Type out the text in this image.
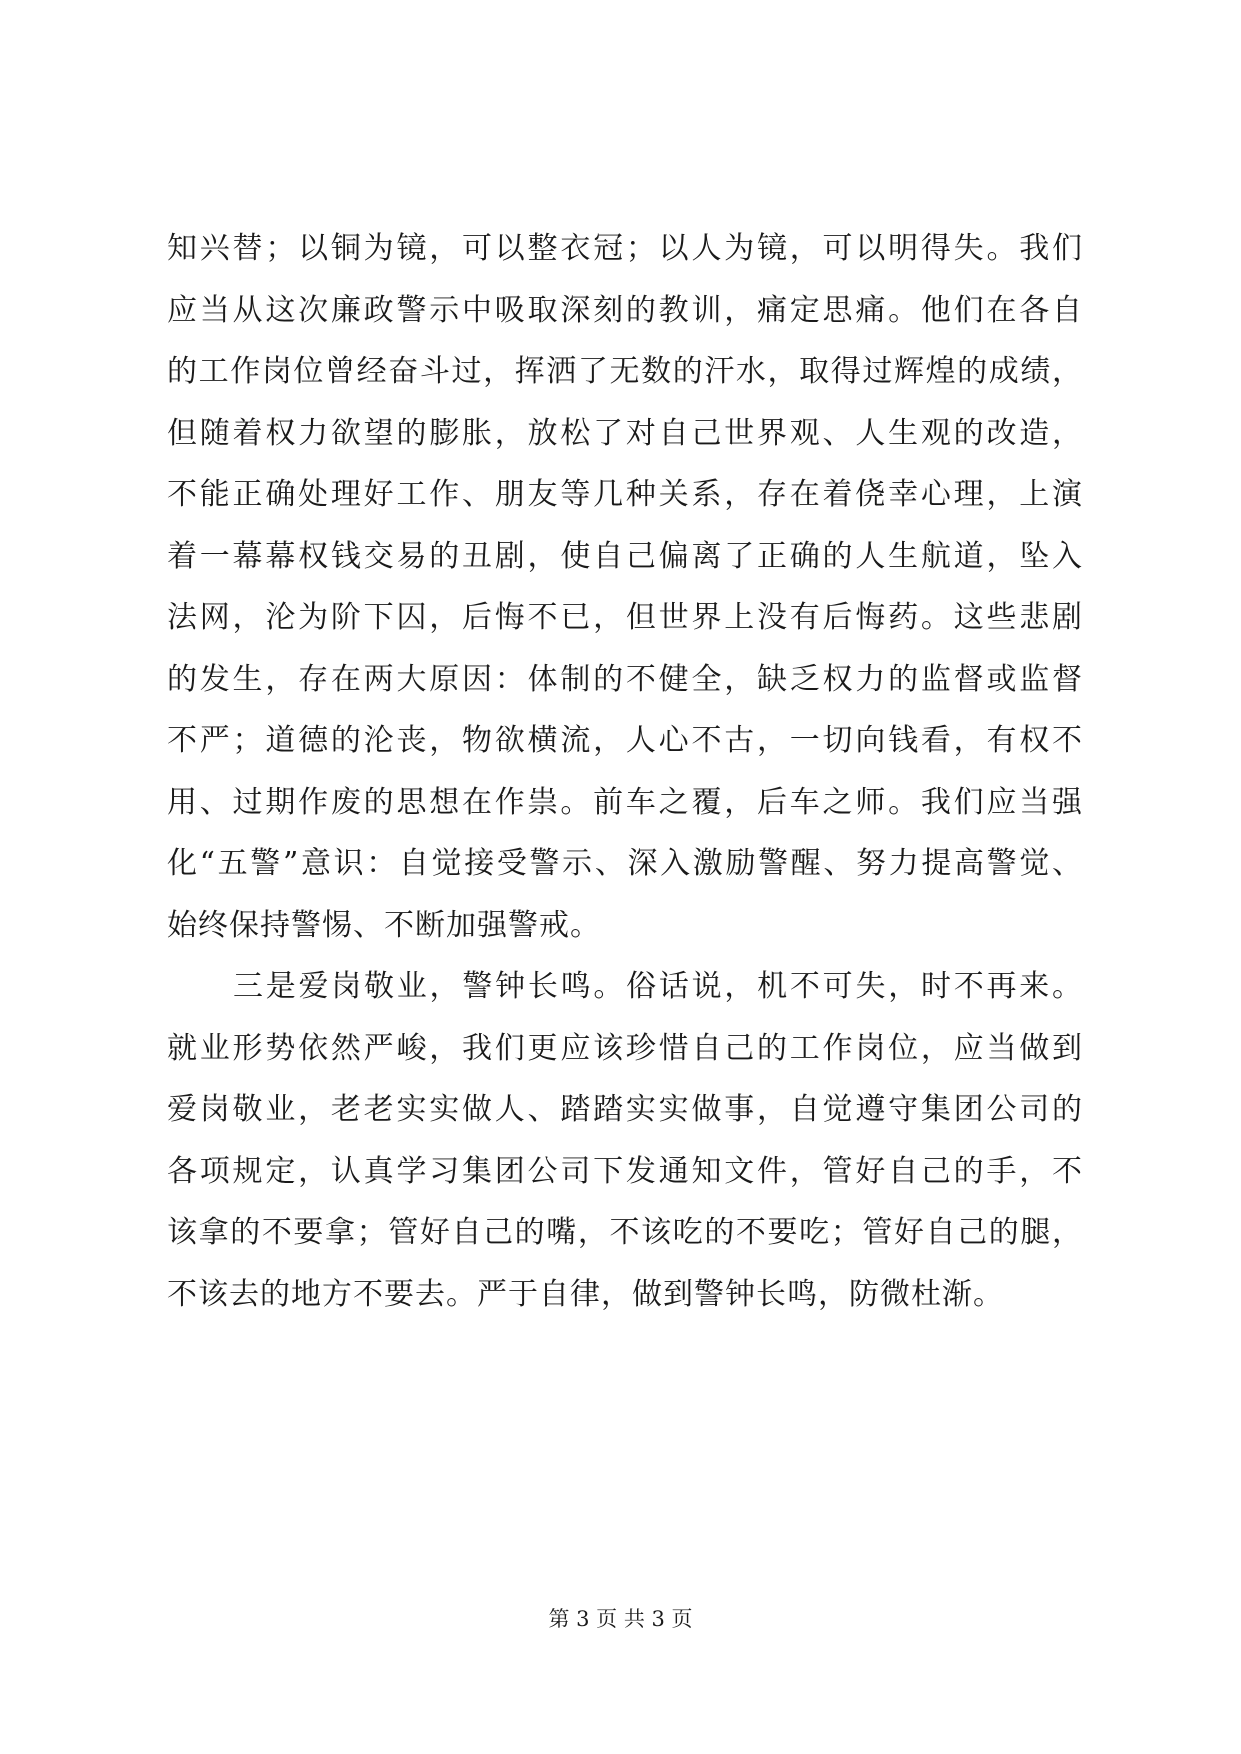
知兴替；以铜为镜，可以整衣冠；以人为镜，可以明得失。我们
应当从这次廉政警示中吸取深刻的教训，痛定思痛。他们在各自
的工作岗位曾经奋斗过，挥洒了无数的汗水，取得过辉煌的成绩，
但随着权力欲望的膨胀，放松了对自己世界观、人生观的改造，
不能正确处理好工作、朋友等几种关系，存在着侥幸心理，上演
着一幕幕权钱交易的丑剧，使自己偏离了正确的人生航道，坠入
法网，沦为阶下囚，后悔不已，但世界上没有后悔药。这些悲剧
的发生，存在两大原因：体制的不健全，缺乏权力的监督或监督
不严；道德的沦丧，物欲横流，人心不古，一切向钱看，有权不
用、过期作废的思想在作祟。前车之覆，后车之师。我们应当强
化“五警”意识：自觉接受警示、深入激励警醒、努力提高警觉、
始终保持警惕、不断加强警戒。
三是爱岗敬业，警钟长鸣。俗话说，机不可失，时不再来。
就业形势依然严峻，我们更应该珍惜自己的工作岗位，应当做到
爱岗敬业，老老实实做人、踏踏实实做事，自觉遵守集团公司的
各项规定，认真学习集团公司下发通知文件，管好自己的手，不
该拿的不要拿；管好自己的嘴，不该吃的不要吃；管好自己的腿，
不该去的地方不要去。严于自律，做到警钟长鸣，防微杜渐。
第 3 页 共 3 页
